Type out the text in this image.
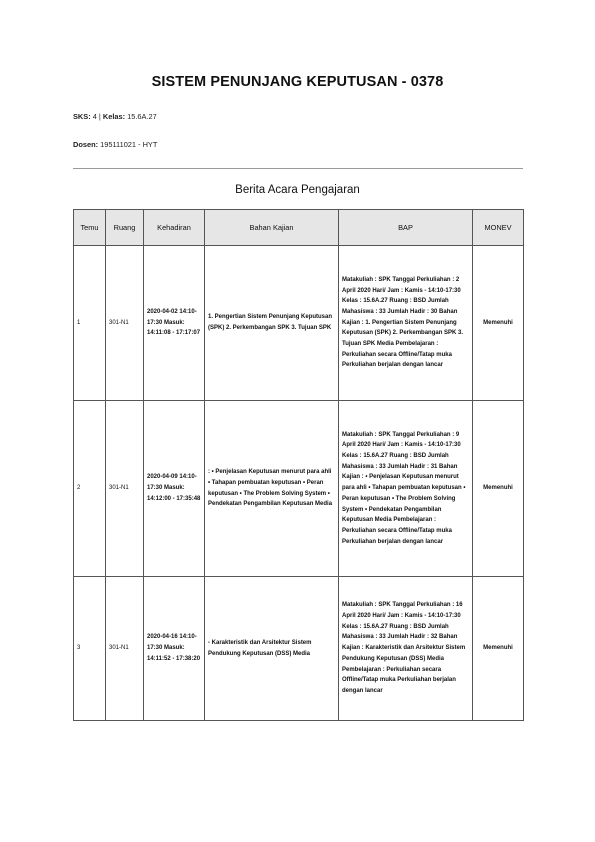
SISTEM PENUNJANG KEPUTUSAN - 0378
SKS: 4 | Kelas: 15.6A.27
Dosen: 195111021 - HYT
Berita Acara Pengajaran
Temu	Ruang	Kehadiran	Bahan Kajian	BAP	MONEV
1	301-N1	2020-04-02 14:10-17:30 Masuk: 14:11:08 - 17:17:07	1. Pengertian Sistem Penunjang Keputusan (SPK) 2. Perkembangan SPK 3. Tujuan SPK	Matakuliah : SPK Tanggal Perkuliahan : 2 April 2020 Hari/ Jam : Kamis - 14:10-17:30 Kelas : 15.6A.27 Ruang : BSD Jumlah Mahasiswa : 33 Jumlah Hadir : 30 Bahan Kajian : 1. Pengertian Sistem Penunjang Keputusan (SPK) 2. Perkembangan SPK 3. Tujuan SPK Media Pembelajaran : Perkuliahan secara Offline/Tatap muka Perkuliahan berjalan dengan lancar	Memenuhi
2	301-N1	2020-04-09 14:10-17:30 Masuk: 14:12:00 - 17:35:48	: • Penjelasan Keputusan menurut para ahli • Tahapan pembuatan keputusan • Peran keputusan • The Problem Solving System • Pendekatan Pengambilan Keputusan Media	Matakuliah : SPK Tanggal Perkuliahan : 9 April 2020 Hari/ Jam : Kamis - 14:10-17:30 Kelas : 15.6A.27 Ruang : BSD Jumlah Mahasiswa : 33 Jumlah Hadir : 31 Bahan Kajian : • Penjelasan Keputusan menurut para ahli • Tahapan pembuatan keputusan • Peran keputusan • The Problem Solving System • Pendekatan Pengambilan Keputusan Media Pembelajaran : Perkuliahan secara Offline/Tatap muka Perkuliahan berjalan dengan lancar	Memenuhi
3	301-N1	2020-04-16 14:10-17:30 Masuk: 14:11:52 - 17:38:20	- Karakteristik dan Arsitektur Sistem Pendukung Keputusan (DSS) Media	Matakuliah : SPK Tanggal Perkuliahan : 16 April 2020 Hari/ Jam : Kamis - 14:10-17:30 Kelas : 15.6A.27 Ruang : BSD Jumlah Mahasiswa : 33 Jumlah Hadir : 32 Bahan Kajian : Karakteristik dan Arsitektur Sistem Pendukung Keputusan (DSS) Media Pembelajaran : Perkuliahan secara Offline/Tatap muka Perkuliahan berjalan dengan lancar	Memenuhi
